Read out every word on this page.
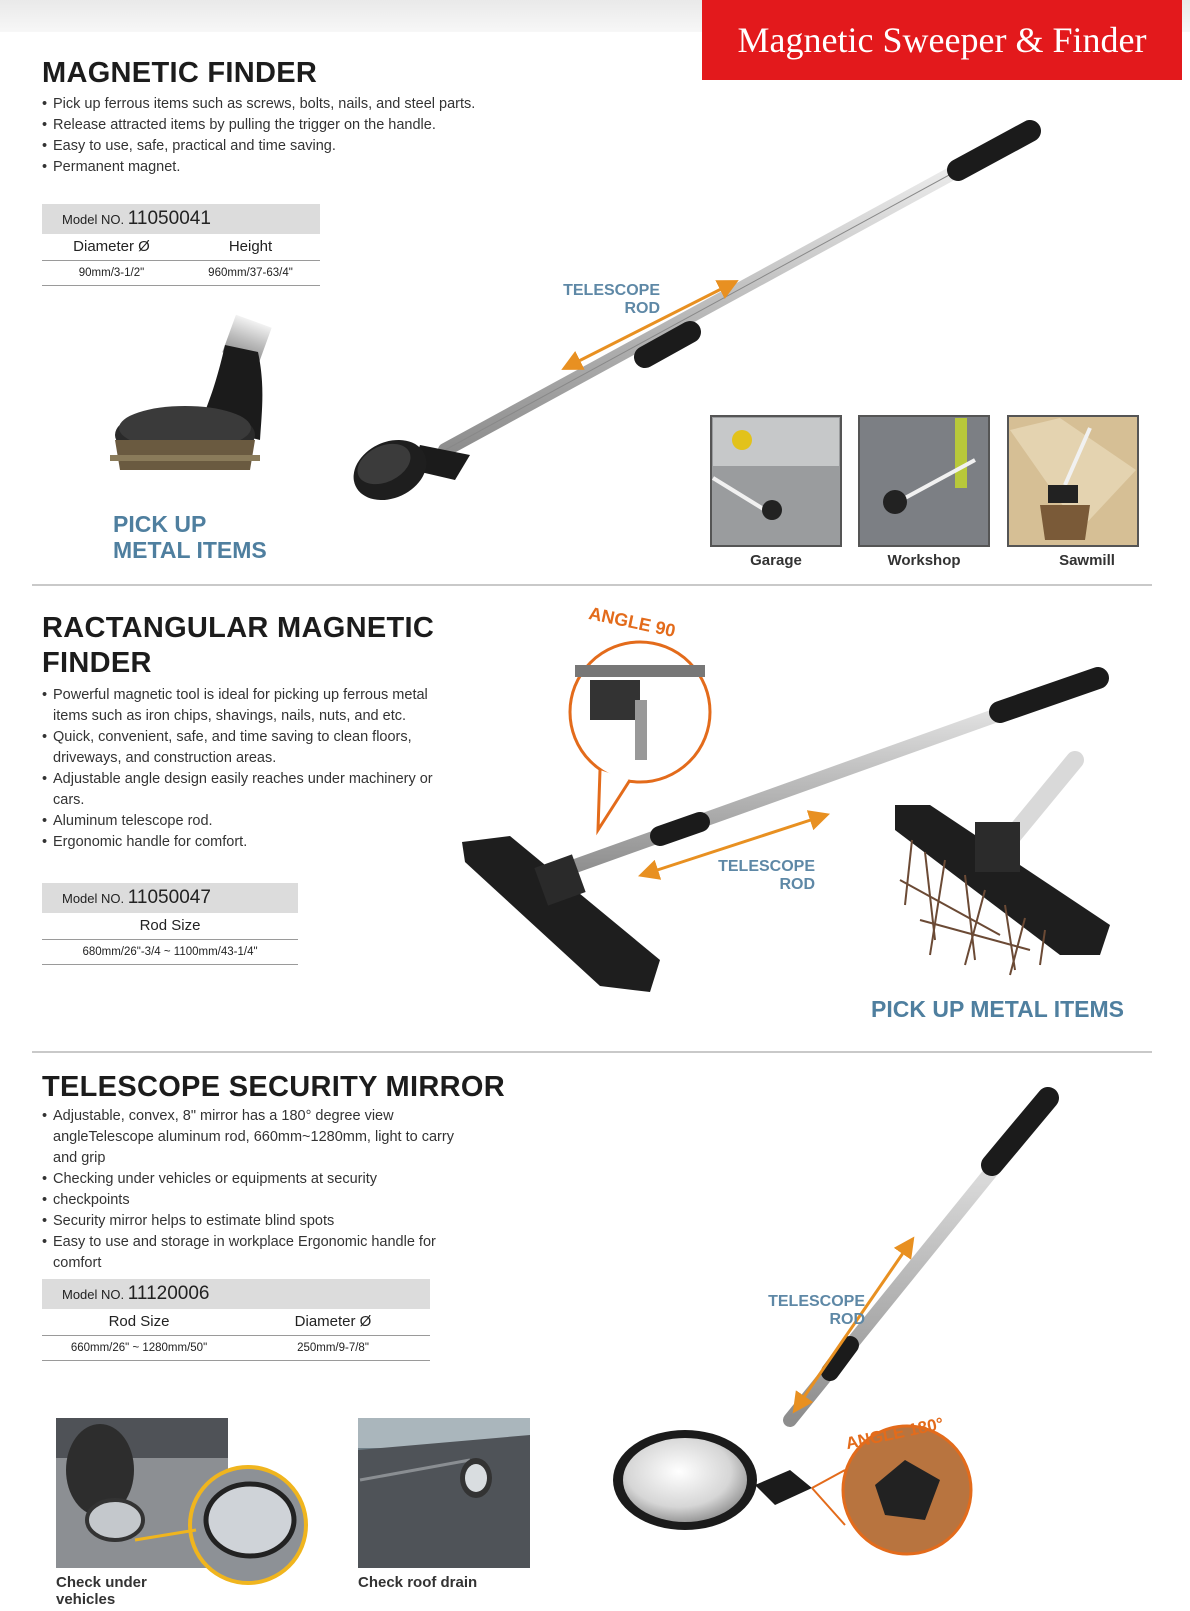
Magnetic Sweeper & Finder
MAGNETIC FINDER
• Pick up ferrous items such as screws, bolts, nails, and steel parts.
• Release attracted items by pulling the trigger on the handle.
• Easy to use, safe, practical and time saving.
• Permanent magnet.
Model NO. 11050041
Diameter Ø	Height
90mm/3-1/2"	960mm/37-63/4"
TELESCOPE
ROD
PICK UP
METAL ITEMS	Garage	Workshop	Sawmill
RACTANGULAR MAGNETIC
FINDER
• Powerful magnetic tool is ideal for picking up ferrous metal items such as iron chips, shavings, nails, nuts, and etc.
• Quick, convenient, safe, and time saving to clean floors, driveways, and construction areas.
• Adjustable angle design easily reaches under machinery or cars.
• Aluminum telescope rod.
• Ergonomic handle for comfort.
Model NO. 11050047
Rod Size
680mm/26"-3/4 ~ 1100mm/43-1/4"
ANGLE 90
TELESCOPE
ROD
PICK UP METAL ITEMS
TELESCOPE SECURITY MIRROR
• Adjustable, convex, 8" mirror has a 180° degree view angleTelescope aluminum rod, 660mm~1280mm, light to carry and grip
• Checking under vehicles or equipments at security
• checkpoints
• Security mirror helps to estimate blind spots
• Easy to use and storage in workplace Ergonomic handle for comfort
Model NO. 11120006
Rod Size	Diameter Ø
660mm/26" ~ 1280mm/50"	250mm/9-7/8"
TELESCOPE
ROD
ANGLE 180°
Check under
vehicles
Check roof drain
